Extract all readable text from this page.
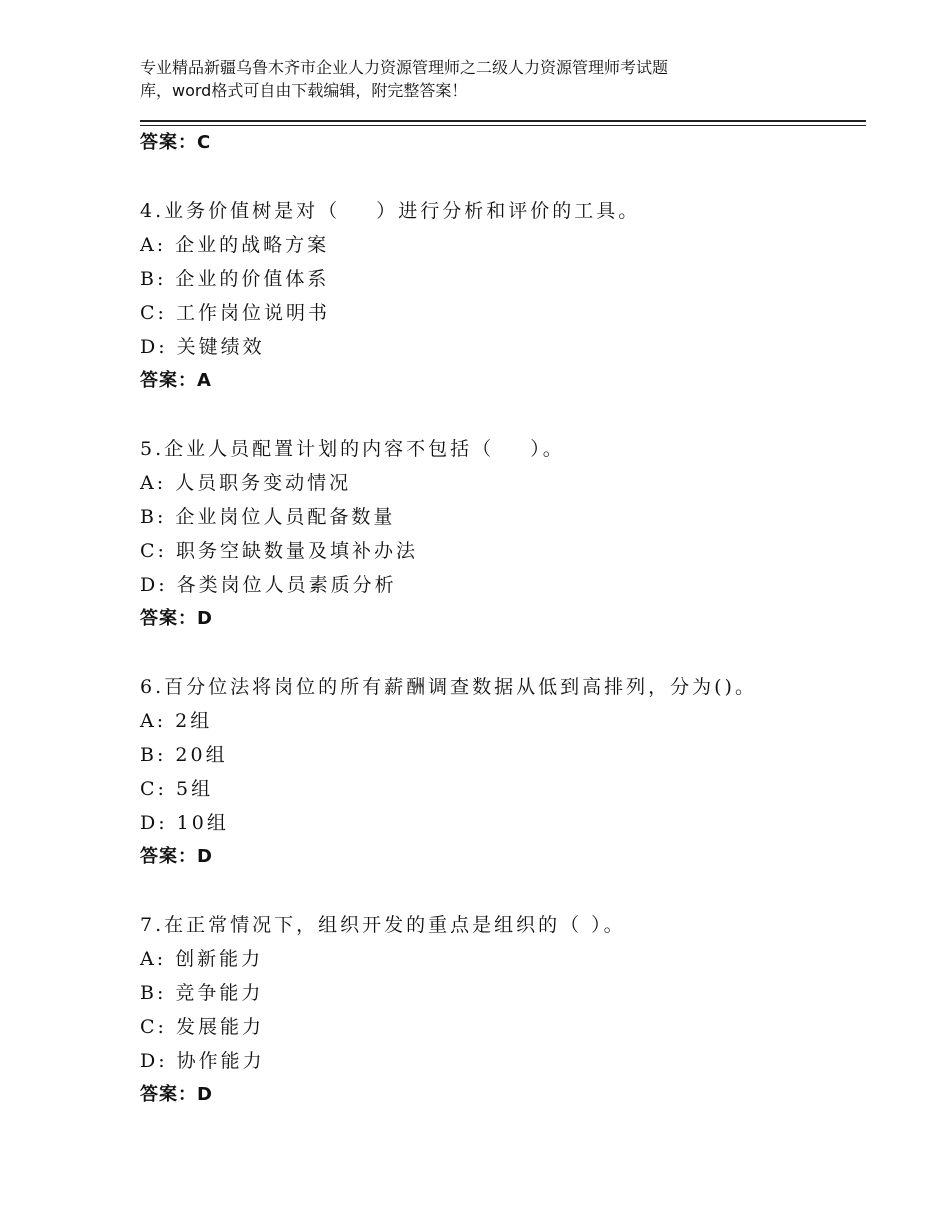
专业精品新疆乌鲁木齐市企业人力资源管理师之二级人力资源管理师考试题
库，word格式可自由下载编辑，附完整答案！
答案：C
4.业务价值树是对（    ）进行分析和评价的工具。
A: 企业的战略方案
B: 企业的价值体系
C: 工作岗位说明书
D: 关键绩效
答案：A
5.企业人员配置计划的内容不包括（    ）。
A: 人员职务变动情况
B: 企业岗位人员配备数量
C: 职务空缺数量及填补办法
D: 各类岗位人员素质分析
答案：D
6.百分位法将岗位的所有薪酬调查数据从低到高排列，分为()。
A: 2组
B: 20组
C: 5组
D: 10组
答案：D
7.在正常情况下，组织开发的重点是组织的（ ）。
A: 创新能力
B: 竞争能力
C: 发展能力
D: 协作能力
答案：D
